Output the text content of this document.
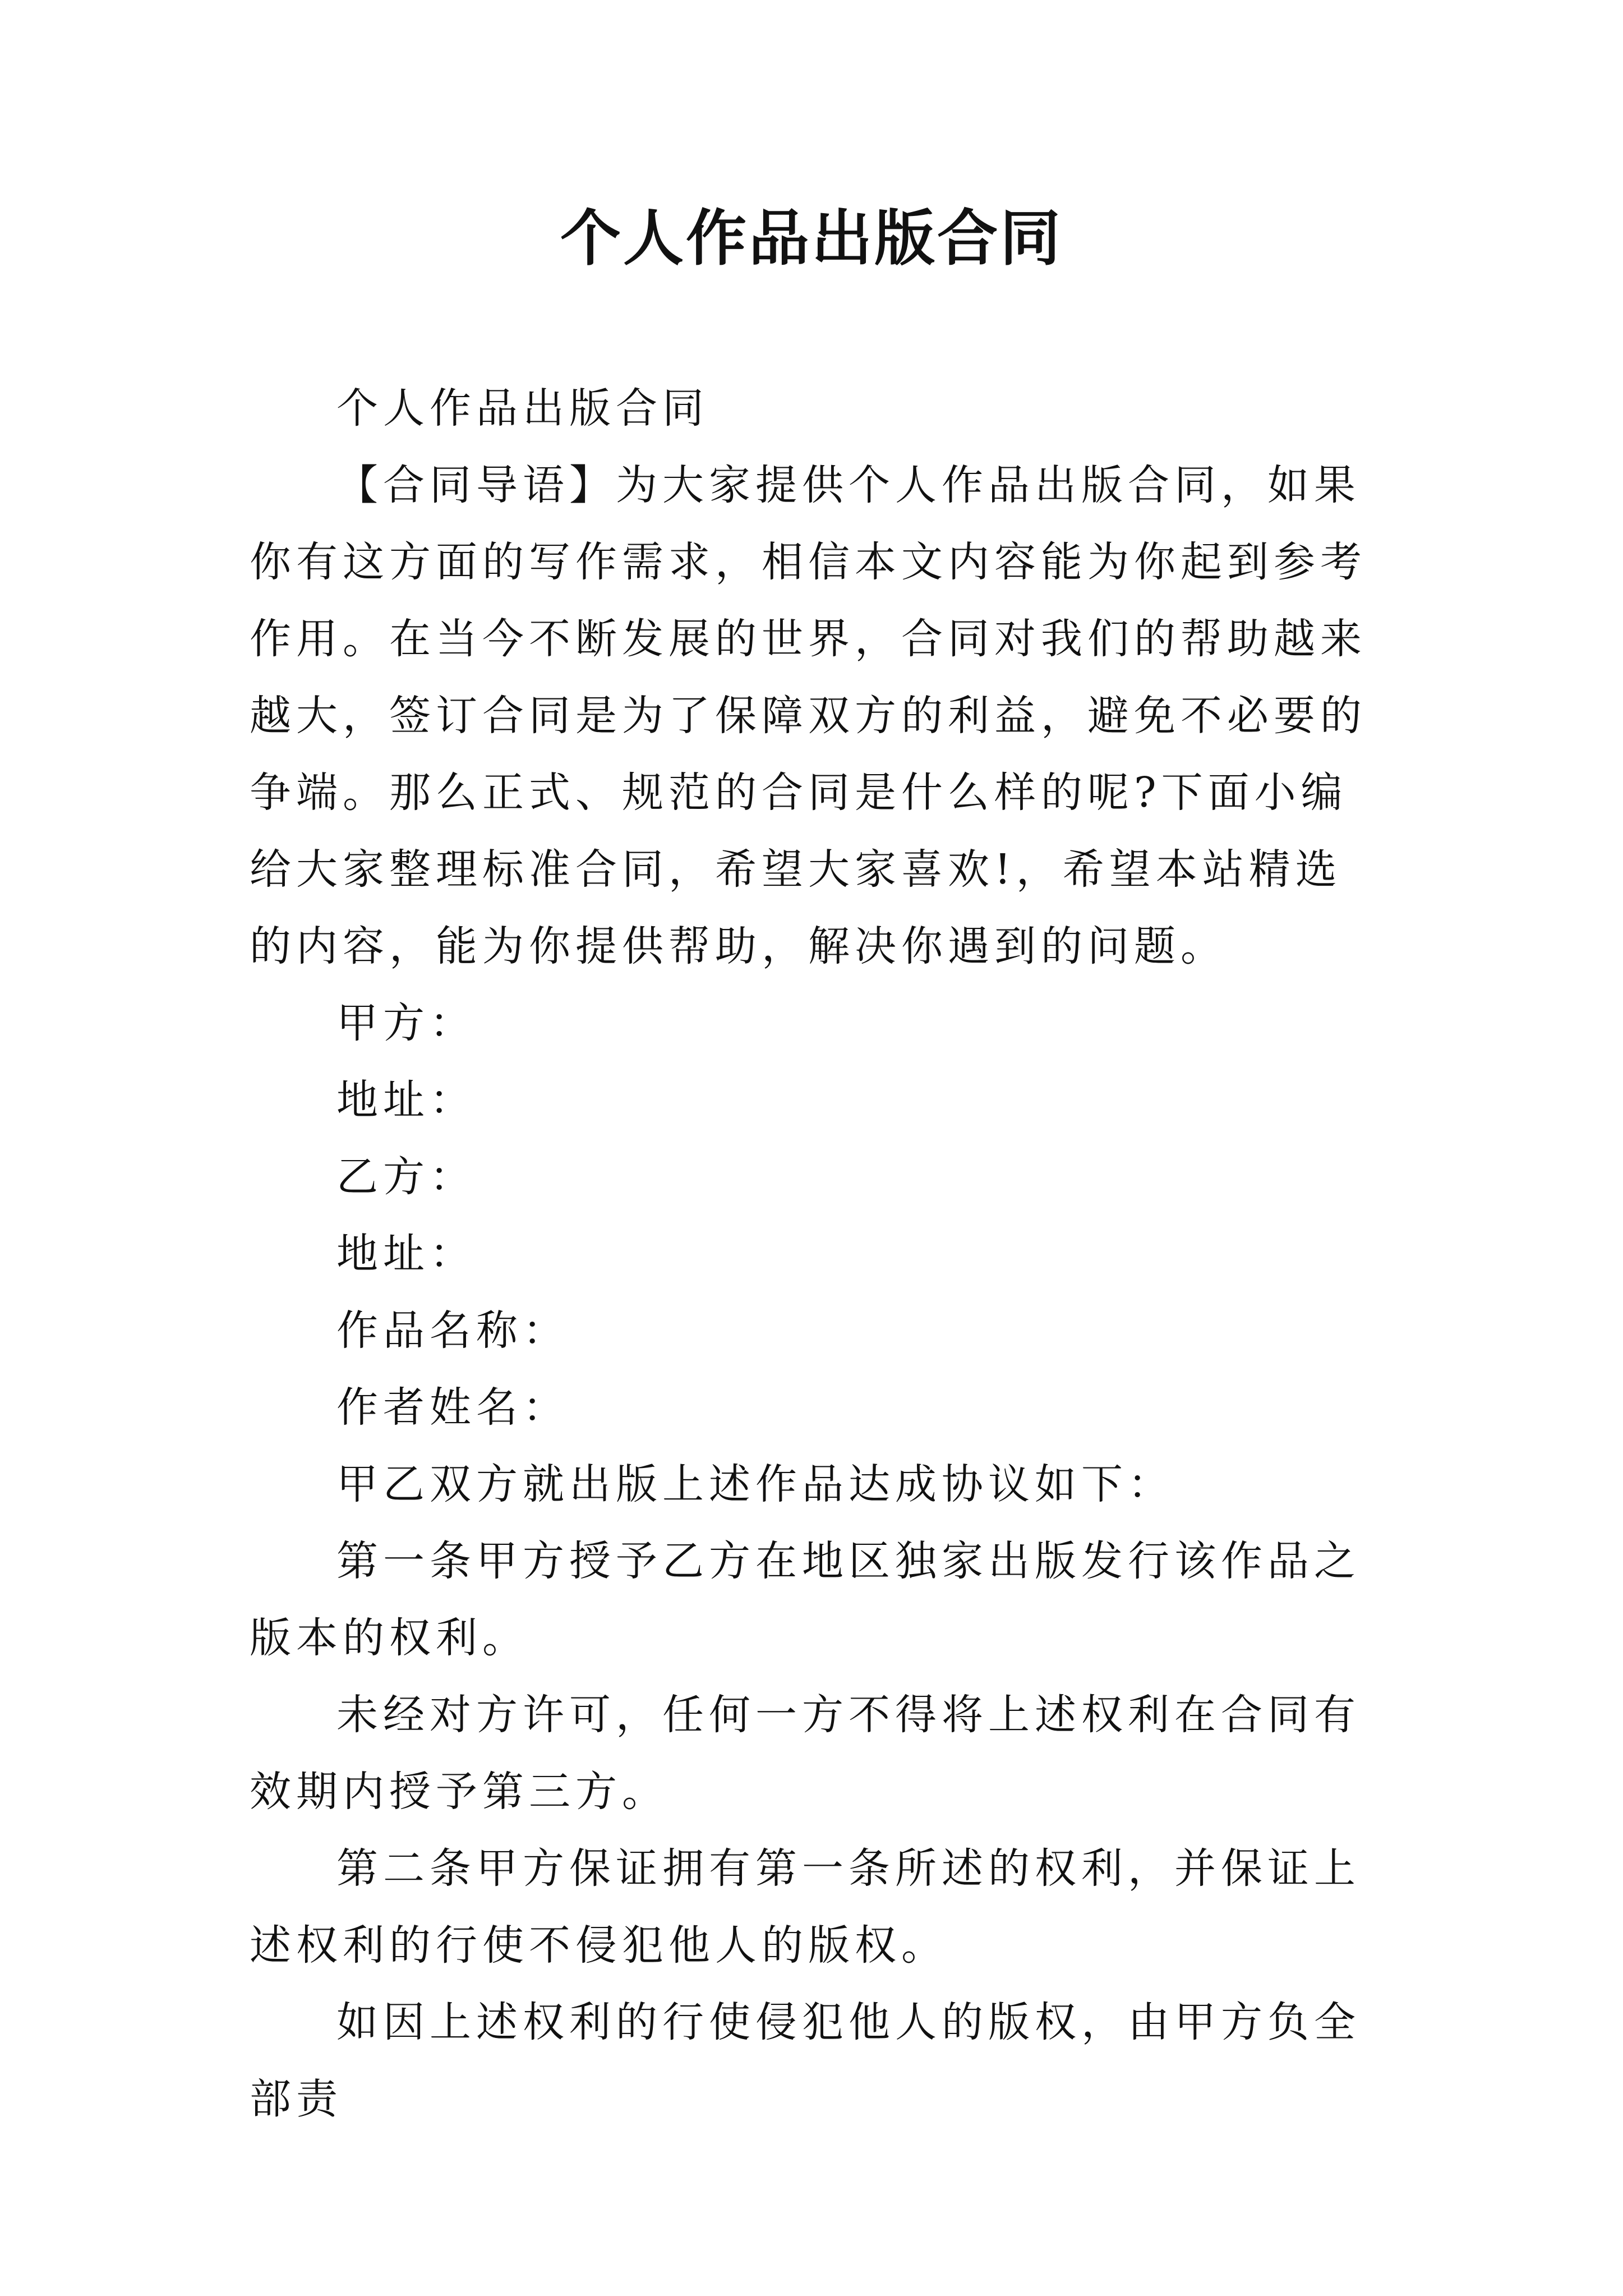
个人作品出版合同

个人作品出版合同

【合同导语】为大家提供个人作品出版合同，如果你有这方面的写作需求，相信本文内容能为你起到参考作用。在当今不断发展的世界，合同对我们的帮助越来越大，签订合同是为了保障双方的利益，避免不必要的争端。那么正式、规范的合同是什么样的呢?下面小编给大家整理标准合同，希望大家喜欢!，希望本站精选的内容，能为你提供帮助，解决你遇到的问题。

甲方：

地址：

乙方：

地址：

作品名称：

作者姓名：

甲乙双方就出版上述作品达成协议如下：

第一条甲方授予乙方在地区独家出版发行该作品之版本的权利。

未经对方许可，任何一方不得将上述权利在合同有效期内授予第三方。

第二条甲方保证拥有第一条所述的权利，并保证上述权利的行使不侵犯他人的版权。

如因上述权利的行使侵犯他人的版权，由甲方负全部责
